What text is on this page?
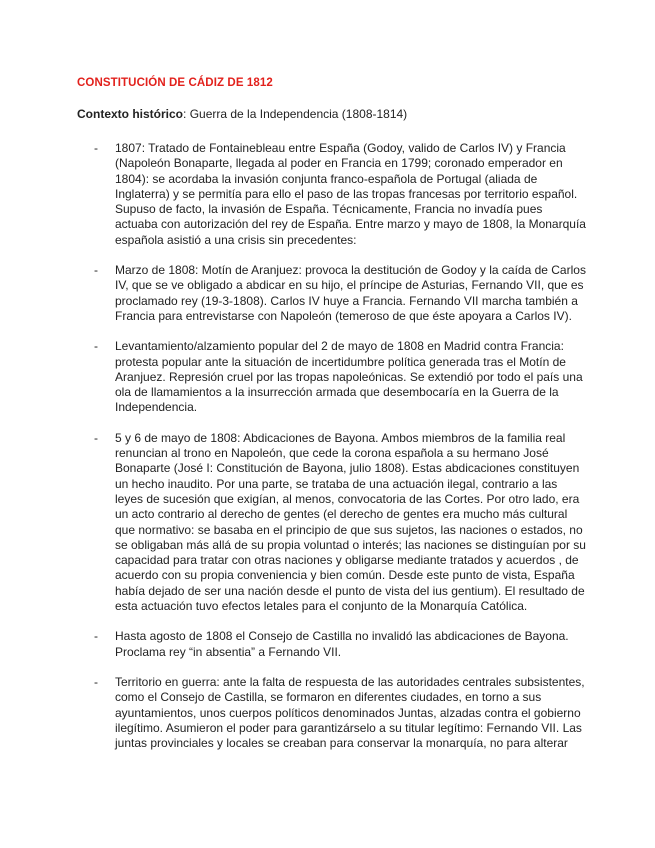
CONSTITUCIÓN DE CÁDIZ DE 1812
Contexto histórico: Guerra de la Independencia (1808-1814)
- 1807: Tratado de Fontainebleau entre España (Godoy, valido de Carlos IV) y Francia

(Napoleón Bonaparte, llegada al poder en Francia en 1799; coronado emperador en

1804): se acordaba la invasión conjunta franco-española de Portugal (aliada de

Inglaterra) y se permitía para ello el paso de las tropas francesas por territorio español.

Supuso de facto, la invasión de España. Técnicamente, Francia no invadía pues

actuaba con autorización del rey de España. Entre marzo y mayo de 1808, la Monarquía

española asistió a una crisis sin precedentes:

- Marzo de 1808: Motín de Aranjuez: provoca la destitución de Godoy y la caída de Carlos

IV, que se ve obligado a abdicar en su hijo, el príncipe de Asturias, Fernando VII, que es

proclamado rey (19-3-1808). Carlos IV huye a Francia. Fernando VII marcha también a

Francia para entrevistarse con Napoleón (temeroso de que éste apoyara a Carlos IV).

- Levantamiento/alzamiento popular del 2 de mayo de 1808 en Madrid contra Francia:

protesta popular ante la situación de incertidumbre política generada tras el Motín de

Aranjuez. Represión cruel por las tropas napoleónicas. Se extendió por todo el país una

ola de llamamientos a la insurrección armada que desembocaría en la Guerra de la

Independencia.

- 5 y 6 de mayo de 1808: Abdicaciones de Bayona. Ambos miembros de la familia real

renuncian al trono en Napoleón, que cede la corona española a su hermano José

Bonaparte (José I: Constitución de Bayona, julio 1808). Estas abdicaciones constituyen

un hecho inaudito. Por una parte, se trataba de una actuación ilegal, contrario a las

leyes de sucesión que exigían, al menos, convocatoria de las Cortes. Por otro lado, era

un acto contrario al derecho de gentes (el derecho de gentes era mucho más cultural

que normativo: se basaba en el principio de que sus sujetos, las naciones o estados, no

se obligaban más allá de su propia voluntad o interés; las naciones se distinguían por su

capacidad para tratar con otras naciones y obligarse mediante tratados y acuerdos , de

acuerdo con su propia conveniencia y bien común. Desde este punto de vista, España

había dejado de ser una nación desde el punto de vista del ius gentium). El resultado de

esta actuación tuvo efectos letales para el conjunto de la Monarquía Católica.

- Hasta agosto de 1808 el Consejo de Castilla no invalidó las abdicaciones de Bayona.

Proclama rey “in absentia” a Fernando VII.

- Territorio en guerra: ante la falta de respuesta de las autoridades centrales subsistentes,

como el Consejo de Castilla, se formaron en diferentes ciudades, en torno a sus

ayuntamientos, unos cuerpos políticos denominados Juntas, alzadas contra el gobierno

ilegítimo. Asumieron el poder para garantizárselo a su titular legítimo: Fernando VII. Las

juntas provinciales y locales se creaban para conservar la monarquía, no para alterar
